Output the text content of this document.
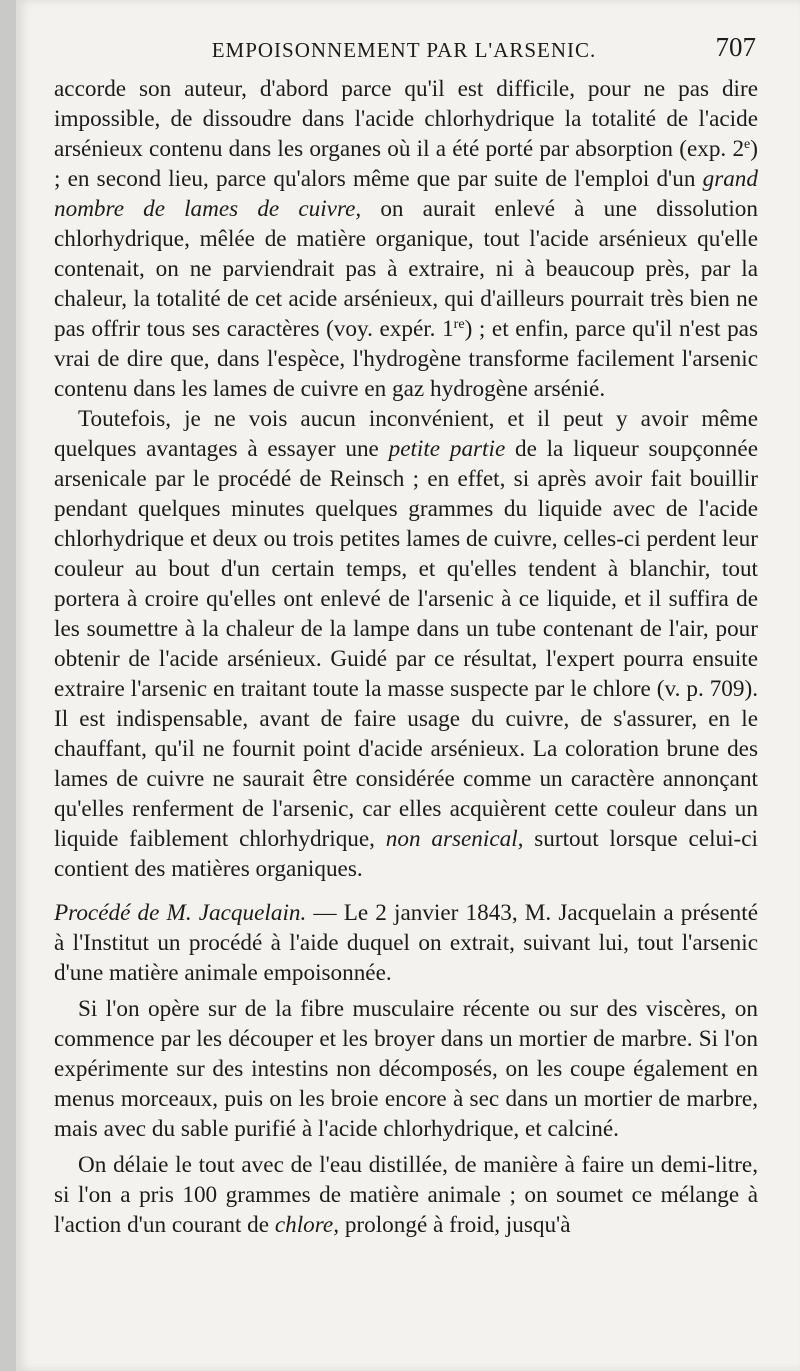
EMPOISONNEMENT PAR L'ARSENIC.	707

accorde son auteur, d'abord parce qu'il est difficile, pour ne pas dire impossible, de dissoudre dans l'acide chlorhydrique la totalité de l'acide arsénieux contenu dans les organes où il a été porté par absorption (exp. 2e) ; en second lieu, parce qu'alors même que par suite de l'emploi d'un grand nombre de lames de cuivre, on aurait enlevé à une dissolution chlorhydrique, mêlée de matière organique, tout l'acide arsénieux qu'elle contenait, on ne parviendrait pas à extraire, ni à beaucoup près, par la chaleur, la totalité de cet acide arsénieux, qui d'ailleurs pourrait très bien ne pas offrir tous ses caractères (voy. expér. 1re) ; et enfin, parce qu'il n'est pas vrai de dire que, dans l'espèce, l'hydrogène transforme facilement l'arsenic contenu dans les lames de cuivre en gaz hydrogène arsénié.

Toutefois, je ne vois aucun inconvénient, et il peut y avoir même quelques avantages à essayer une petite partie de la liqueur soupçonnée arsenicale par le procédé de Reinsch ; en effet, si après avoir fait bouillir pendant quelques minutes quelques grammes du liquide avec de l'acide chlorhydrique et deux ou trois petites lames de cuivre, celles-ci perdent leur couleur au bout d'un certain temps, et qu'elles tendent à blanchir, tout portera à croire qu'elles ont enlevé de l'arsenic à ce liquide, et il suffira de les soumettre à la chaleur de la lampe dans un tube contenant de l'air, pour obtenir de l'acide arsénieux. Guidé par ce résultat, l'expert pourra ensuite extraire l'arsenic en traitant toute la masse suspecte par le chlore (v. p. 709). Il est indispensable, avant de faire usage du cuivre, de s'assurer, en le chauffant, qu'il ne fournit point d'acide arsénieux. La coloration brune des lames de cuivre ne saurait être considérée comme un caractère annonçant qu'elles renferment de l'arsenic, car elles acquièrent cette couleur dans un liquide faiblement chlorhydrique, non arsenical, surtout lorsque celui-ci contient des matières organiques.

Procédé de M. Jacquelain. — Le 2 janvier 1843, M. Jacquelain a présenté à l'Institut un procédé à l'aide duquel on extrait, suivant lui, tout l'arsenic d'une matière animale empoisonnée.

Si l'on opère sur de la fibre musculaire récente ou sur des viscères, on commence par les découper et les broyer dans un mortier de marbre. Si l'on expérimente sur des intestins non décomposés, on les coupe également en menus morceaux, puis on les broie encore à sec dans un mortier de marbre, mais avec du sable purifié à l'acide chlorhydrique, et calciné.

On délaie le tout avec de l'eau distillée, de manière à faire un demi-litre, si l'on a pris 100 grammes de matière animale ; on soumet ce mélange à l'action d'un courant de chlore, prolongé à froid, jusqu'à
